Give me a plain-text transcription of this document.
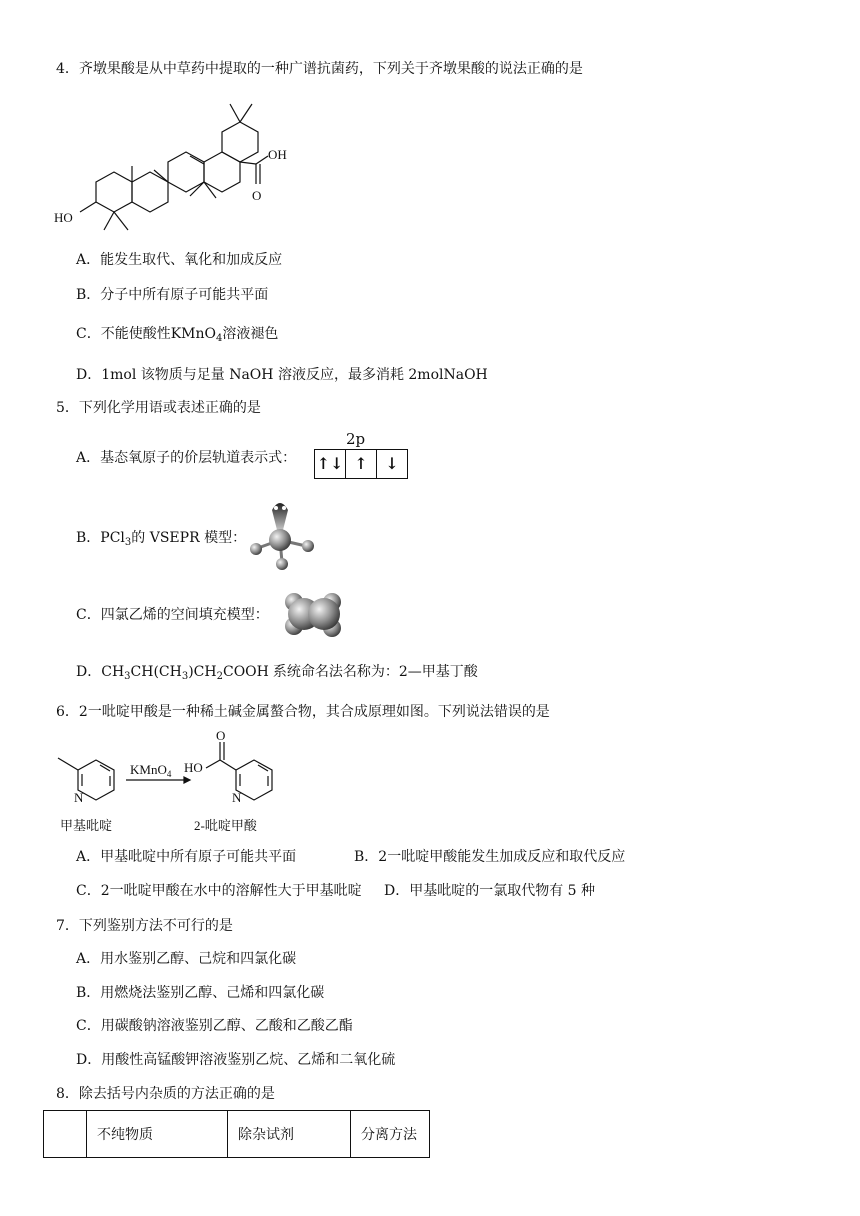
4．齐墩果酸是从中草药中提取的一种广谱抗菌药，下列关于齐墩果酸的说法正确的是
OH
O
HO
A．能发生取代、氧化和加成反应
B．分子中所有原子可能共平面
C．不能使酸性KMnO$_4$溶液褪色
D．1mol 该物质与足量 NaOH 溶液反应，最多消耗 2molNaOH
5．下列化学用语或表述正确的是
A．基态氧原子的价层轨道表示式：
2p
↑↓ ↑	↓
B．PCl$_3$的 VSEPR 模型：
C．四氯乙烯的空间填充模型：
D．$CH_3CH(CH_3)CH_2COOH$ 系统命名法名称为：2—甲基丁酸
6．2一吡啶甲酸是一种稀土碱金属螯合物，其合成原理如图。下列说法错误的是
N	N
O
HO
KMnO$_4$
甲基吡啶	2-吡啶甲酸
A．甲基吡啶中所有原子可能共平面	B．2一吡啶甲酸能发生加成反应和取代反应
C．2一吡啶甲酸在水中的溶解性大于甲基吡啶 D．甲基吡啶的一氯取代物有 5 种
7．下列鉴别方法不可行的是
A．用水鉴别乙醇、己烷和四氯化碳
B．用燃烧法鉴别乙醇、己烯和四氯化碳
C．用碳酸钠溶液鉴别乙醇、乙酸和乙酸乙酯
D．用酸性高锰酸钾溶液鉴别乙烷、乙烯和二氧化硫
8．除去括号内杂质的方法正确的是
	不纯物质	除杂试剂	分离方法
